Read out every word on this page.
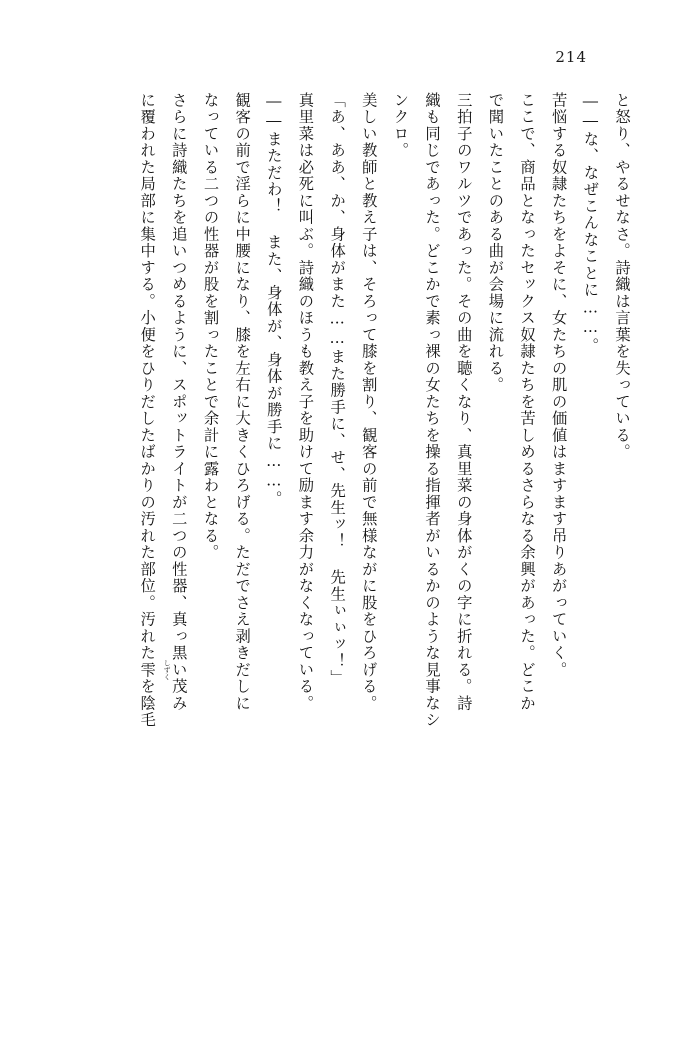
214

と怒り、やるせなさ。詩織は言葉を失っている。

――な、なぜこんなことに……。

苦悩する奴隷たちをよそに、女たちの肌の価値はますます吊りあがっていく。

ここで、商品となったセックス奴隷たちを苦しめるさらなる余興があった。どこか

で聞いたことのある曲が会場に流れる。

三拍子のワルツであった。その曲を聴くなり、真里菜の身体がくの字に折れる。詩

織も同じであった。どこかで素っ裸の女たちを操る指揮者がいるかのような見事なシ

ンクロ。

美しい教師と教え子は、そろって膝を割り、観客の前で無様ながに股をひろげる。

「あ、ああ、か、身体がまた……また勝手に、せ、先生ッ！ 先生ぃぃッ！」

真里菜は必死に叫ぶ。詩織のほうも教え子を助けて励ます余力がなくなっている。

――まただわ！ また、身体が、身体が勝手に……。

観客の前で淫らに中腰になり、膝を左右に大きくひろげる。ただでさえ剥きだしに

なっている二つの性器が股を割ったことで余計に露わとなる。

さらに詩織たちを追いつめるように、スポットライトが二つの性器、真っ黒い茂み

に覆われた局部に集中する。小便をひりだしたばかりの汚れた部位。汚れた雫 しずく
を陰毛
